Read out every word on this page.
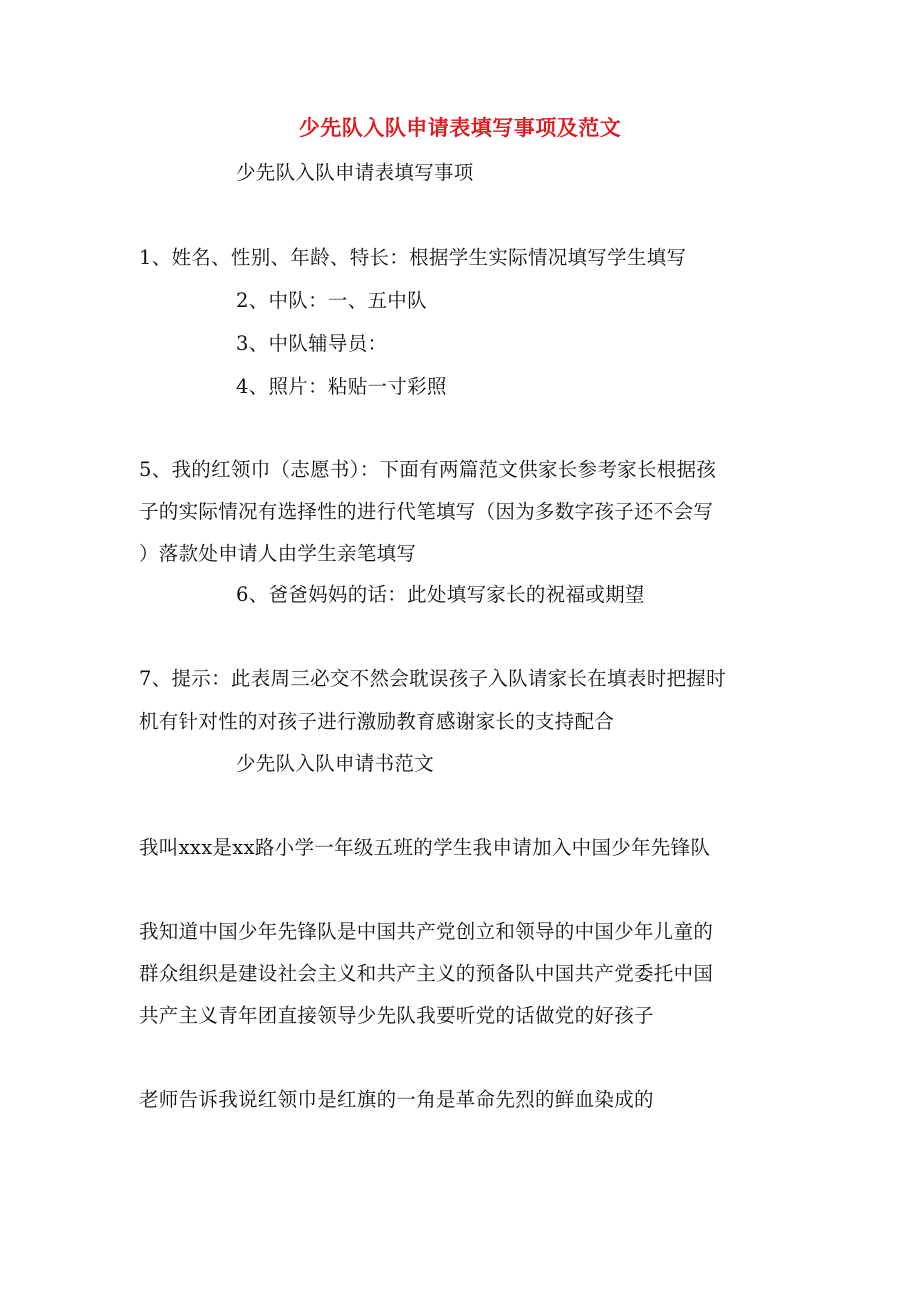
少先队入队申请表填写事项及范文
少先队入队申请表填写事项
1、姓名、性别、年龄、特长：根据学生实际情况填写学生填写
2、中队：一、五中队
3、中队辅导员：
4、照片：粘贴一寸彩照
5、我的红领巾（志愿书）：下面有两篇范文供家长参考家长根据孩
子的实际情况有选择性的进行代笔填写（因为多数字孩子还不会写
）落款处申请人由学生亲笔填写
6、爸爸妈妈的话：此处填写家长的祝福或期望
7、提示：此表周三必交不然会耽误孩子入队请家长在填表时把握时
机有针对性的对孩子进行激励教育感谢家长的支持配合
少先队入队申请书范文
我叫xxx是xx路小学一年级五班的学生我申请加入中国少年先锋队
我知道中国少年先锋队是中国共产党创立和领导的中国少年儿童的
群众组织是建设社会主义和共产主义的预备队中国共产党委托中国
共产主义青年团直接领导少先队我要听党的话做党的好孩子
老师告诉我说红领巾是红旗的一角是革命先烈的鲜血染成的
